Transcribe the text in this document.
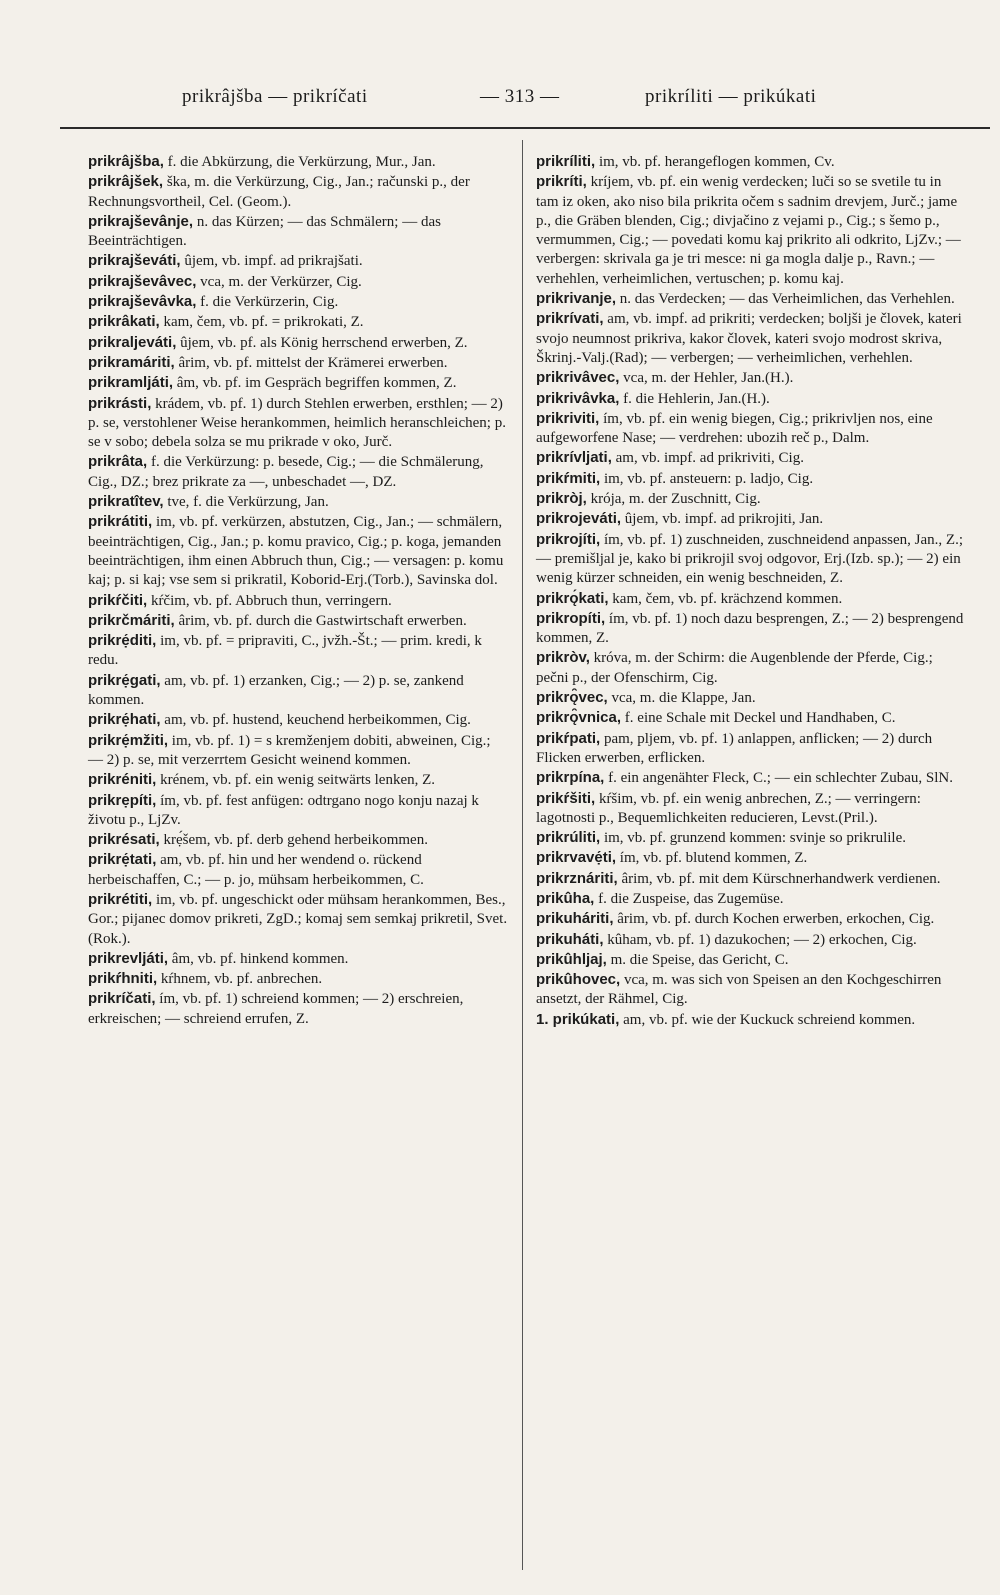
prikrâjšba — prikríčati	— 313 —	prikríliti — prikúkati

prikrâjšba, f. die Abkürzung, die Verkürzung, Mur., Jan.

prikrâjšek, ška, m. die Verkürzung, Cig., Jan.; računski p., der Rechnungsvortheil, Cel. (Geom.).

prikrajševânje, n. das Kürzen; — das Schmälern; — das Beeinträchtigen.

prikrajševáti, ûjem, vb. impf. ad prikrajšati.

prikrajševâvec, vca, m. der Verkürzer, Cig.

prikrajševâvka, f. die Verkürzerin, Cig.

prikrâkati, kam, čem, vb. pf. = prikrokati, Z.

prikraljeváti, ûjem, vb. pf. als König herrschend erwerben, Z.

prikramáriti, ârim, vb. pf. mittelst der Krämerei erwerben.

prikramljáti, âm, vb. pf. im Gespräch begriffen kommen, Z.

prikrásti, krádem, vb. pf. 1) durch Stehlen erwerben, ersthlen; — 2) p. se, verstohlener Weise herankommen, heimlich heranschleichen; p. se v sobo; debela solza se mu prikrade v oko, Jurč.

prikrâta, f. die Verkürzung: p. besede, Cig.; — die Schmälerung, Cig., DZ.; brez prikrate za —, unbeschadet —, DZ.

prikratîtev, tve, f. die Verkürzung, Jan.

prikrátiti, im, vb. pf. verkürzen, abstutzen, Cig., Jan.; — schmälern, beeinträchtigen, Cig., Jan.; p. komu pravico, Cig.; p. koga, jemanden beeinträchtigen, ihm einen Abbruch thun, Cig.; — versagen: p. komu kaj; p. si kaj; vse sem si prikratil, Koborid-Erj.(Torb.), Savinska dol.

prikŕčiti, kŕčim, vb. pf. Abbruch thun, verringern.

prikrčmáriti, ârim, vb. pf. durch die Gastwirtschaft erwerben.

prikrẹ́diti, im, vb. pf. = pripraviti, C., jvžh.-Št.; — prim. kredi, k redu.

prikrẹ́gati, am, vb. pf. 1) erzanken, Cig.; — 2) p. se, zankend kommen.

prikrẹ́hati, am, vb. pf. hustend, keuchend herbeikommen, Cig.

prikrẹ́mžiti, im, vb. pf. 1) = s kremženjem dobiti, abweinen, Cig.; — 2) p. se, mit verzerrtem Gesicht weinend kommen.

prikréniti, krénem, vb. pf. ein wenig seitwärts lenken, Z.

prikrẹpíti, ím, vb. pf. fest anfügen: odtrgano nogo konju nazaj k životu p., LjZv.

prikrésati, krẹ́šem, vb. pf. derb gehend herbeikommen.

prikrẹ́tati, am, vb. pf. hin und her wendend o. rückend herbeischaffen, C.; — p. jo, mühsam herbeikommen, C.

prikrétiti, im, vb. pf. ungeschickt oder mühsam herankommen, Bes., Gor.; pijanec domov prikreti, ZgD.; komaj sem semkaj prikretil, Svet.(Rok.).

prikrevljáti, âm, vb. pf. hinkend kommen.

prikŕhniti, kŕhnem, vb. pf. anbrechen.

prikríčati, ím, vb. pf. 1) schreiend kommen; — 2) erschreien, erkreischen; — schreiend errufen, Z.

prikríliti, im, vb. pf. herangeflogen kommen, Cv.

prikríti, kríjem, vb. pf. ein wenig verdecken; luči so se svetile tu in tam iz oken, ako niso bila prikrita očem s sadnim drevjem, Jurč.; jame p., die Gräben blenden, Cig.; divjačino z vejami p., Cig.; s šemo p., vermummen, Cig.; — povedati komu kaj prikrito ali odkrito, LjZv.; — verbergen: skrivala ga je tri mesce: ni ga mogla dalje p., Ravn.; — verhehlen, verheimlichen, vertuschen; p. komu kaj.

prikrivanje, n. das Verdecken; — das Verheimlichen, das Verhehlen.

prikrívati, am, vb. impf. ad prikriti; verdecken; boljši je človek, kateri svojo neumnost prikriva, kakor človek, kateri svojo modrost skriva, Škrinj.-Valj.(Rad); — verbergen; — verheimlichen, verhehlen.

prikrivâvec, vca, m. der Hehler, Jan.(H.).

prikrivâvka, f. die Hehlerin, Jan.(H.).

prikriviti, ím, vb. pf. ein wenig biegen, Cig.; prikrivljen nos, eine aufgeworfene Nase; — verdrehen: ubozih reč p., Dalm.

prikrívljati, am, vb. impf. ad prikriviti, Cig.

prikŕmiti, im, vb. pf. ansteuern: p. ladjo, Cig.

prikròj, krója, m. der Zuschnitt, Cig.

prikrojeváti, ûjem, vb. impf. ad prikrojiti, Jan.

prikrojíti, ím, vb. pf. 1) zuschneiden, zuschneidend anpassen, Jan., Z.; — premišljal je, kako bi prikrojil svoj odgovor, Erj.(Izb. sp.); — 2) ein wenig kürzer schneiden, ein wenig beschneiden, Z.

prikrǫ́kati, kam, čem, vb. pf. krächzend kommen.

prikropíti, ím, vb. pf. 1) noch dazu besprengen, Z.; — 2) besprengend kommen, Z.

prikròv, króva, m. der Schirm: die Augenblende der Pferde, Cig.; pečni p., der Ofenschirm, Cig.

prikrǫ̑vec, vca, m. die Klappe, Jan.

prikrǫ̑vnica, f. eine Schale mit Deckel und Handhaben, C.

prikŕpati, pam, pljem, vb. pf. 1) anlappen, anflicken; — 2) durch Flicken erwerben, erflicken.

prikrpína, f. ein angenähter Fleck, C.; — ein schlechter Zubau, SlN.

prikŕšiti, kŕšim, vb. pf. ein wenig anbrechen, Z.; — verringern: lagotnosti p., Bequemlichkeiten reducieren, Levst.(Pril.).

prikrúliti, im, vb. pf. grunzend kommen: svinje so prikrulile.

prikrvavẹ́ti, ím, vb. pf. blutend kommen, Z.

prikrznáriti, ârim, vb. pf. mit dem Kürschnerhandwerk verdienen.

prikûha, f. die Zuspeise, das Zugemüse.

prikuháriti, ârim, vb. pf. durch Kochen erwerben, erkochen, Cig.

prikuháti, kûham, vb. pf. 1) dazukochen; — 2) erkochen, Cig.

prikûhljaj, m. die Speise, das Gericht, C.

prikûhovec, vca, m. was sich von Speisen an den Kochgeschirren ansetzt, der Rähmel, Cig.

1. prikúkati, am, vb. pf. wie der Kuckuck schreiend kommen.
